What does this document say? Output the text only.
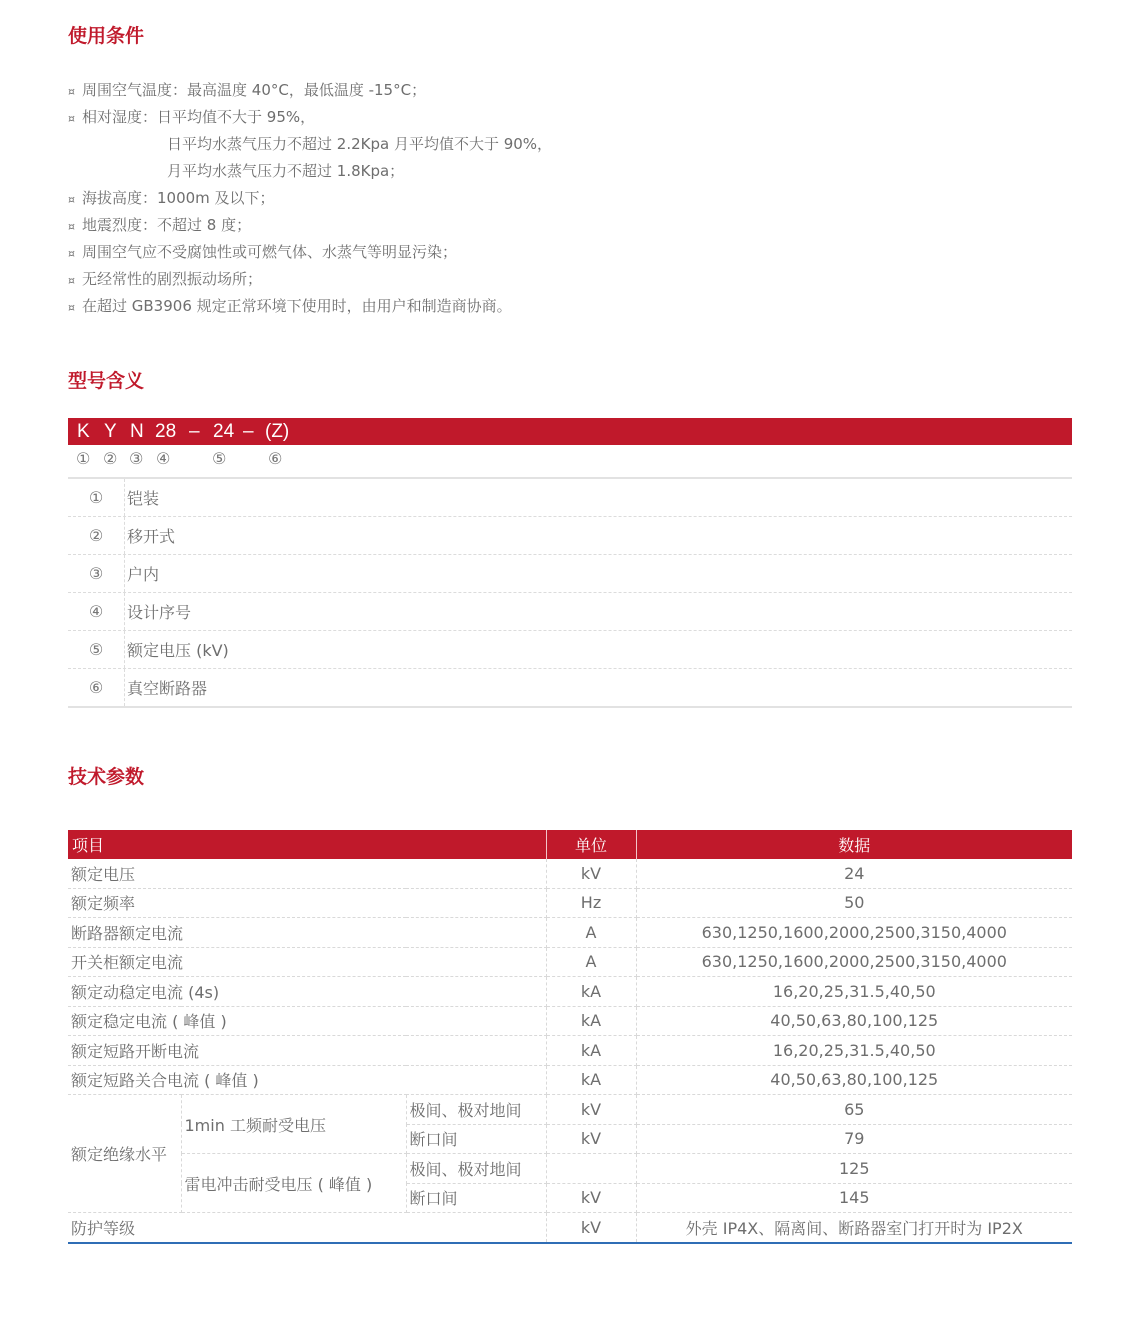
使用条件
¤ 周围空气温度：最高温度 40°C，最低温度 -15°C；
¤ 相对湿度：日平均值不大于 95%，
日平均水蒸气压力不超过 2.2Kpa 月平均值不大于 90%，
月平均水蒸气压力不超过 1.8Kpa；
¤ 海拔高度：1000m 及以下；
¤ 地震烈度：不超过 8 度；
¤ 周围空气应不受腐蚀性或可燃气体、水蒸气等明显污染；
¤ 无经常性的剧烈振动场所；
¤ 在超过 GB3906 规定正常环境下使用时，由用户和制造商协商。
型号含义
K Y N 28 – 24 – (Z)
① ② ③ ④	⑤	⑥
①	铠装
②	移开式
③	户内
④	设计序号
⑤	额定电压 (kV)
⑥	真空断路器
技术参数
项目			单位	数据
额定电压			kV	24
额定频率			Hz	50
断路器额定电流			A	630,1250,1600,2000,2500,3150,4000
开关柜额定电流			A	630,1250,1600,2000,2500,3150,4000
额定动稳定电流 (4s)			kA	16,20,25,31.5,40,50
额定稳定电流 ( 峰值 )			kA	40,50,63,80,100,125
额定短路开断电流			kA	16,20,25,31.5,40,50
额定短路关合电流 ( 峰值 )			kA	40,50,63,80,100,125
额定绝缘水平	1min 工频耐受电压	极间、极对地间	kV	65
		断口间	kV	79
	雷电冲击耐受电压 ( 峰值 )	极间、极对地间		125
		断口间	kV	145
防护等级			kV	外壳 IP4X、隔离间、断路器室门打开时为 IP2X
